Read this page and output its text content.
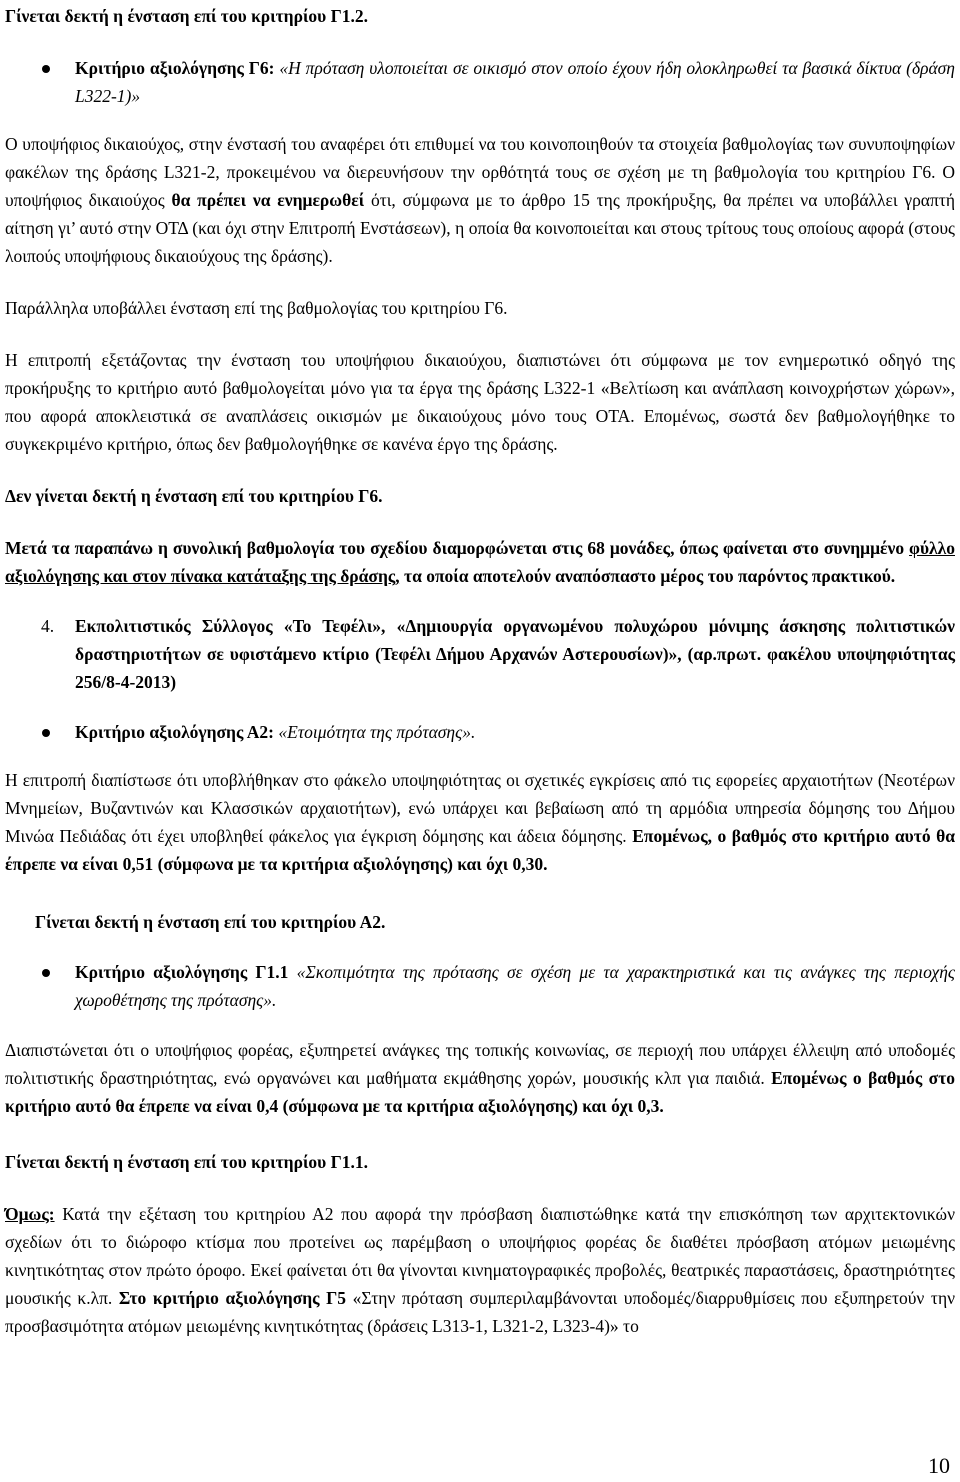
Γίνεται δεκτή η ένσταση επί του κριτηρίου Γ1.2.

Κριτήριο αξιολόγησης Γ6: «Η πρόταση υλοποιείται σε οικισμό στον οποίο έχουν ήδη ολοκληρωθεί τα βασικά δίκτυα (δράση L322-1)»

Ο υποψήφιος δικαιούχος, στην ένστασή του αναφέρει ότι επιθυμεί να του κοινοποιηθούν τα στοιχεία βαθμολογίας των συνυποψηφίων φακέλων της δράσης L321-2, προκειμένου να διερευνήσουν την ορθότητά τους σε σχέση με τη βαθμολογία του κριτηρίου Γ6. Ο υποψήφιος δικαιούχος θα πρέπει να ενημερωθεί ότι, σύμφωνα με το άρθρο 15 της προκήρυξης, θα πρέπει να υποβάλλει γραπτή αίτηση γι’ αυτό στην ΟΤΔ (και όχι στην Επιτροπή Ενστάσεων), η οποία θα κοινοποιείται και στους τρίτους τους οποίους αφορά (στους λοιπούς υποψήφιους δικαιούχους της δράσης).

Παράλληλα υποβάλλει ένσταση επί της βαθμολογίας του κριτηρίου Γ6.

Η επιτροπή εξετάζοντας την ένσταση του υποψήφιου δικαιούχου, διαπιστώνει ότι σύμφωνα με τον ενημερωτικό οδηγό της προκήρυξης το κριτήριο αυτό βαθμολογείται μόνο για τα έργα της δράσης L322-1 «Βελτίωση και ανάπλαση κοινοχρήστων χώρων», που αφορά αποκλειστικά σε αναπλάσεις οικισμών με δικαιούχους μόνο τους ΟΤΑ. Επομένως, σωστά δεν βαθμολογήθηκε το συγκεκριμένο κριτήριο, όπως δεν βαθμολογήθηκε σε κανένα έργο της δράσης.

Δεν γίνεται δεκτή η ένσταση επί του κριτηρίου Γ6.

Μετά τα παραπάνω η συνολική βαθμολογία του σχεδίου διαμορφώνεται στις 68 μονάδες, όπως φαίνεται στο συνημμένο φύλλο αξιολόγησης και στον πίνακα κατάταξης της δράσης, τα οποία αποτελούν αναπόσπαστο μέρος του παρόντος πρακτικού.

4. Εκπολιτιστικός Σύλλογος «Το Τεφέλι», «Δημιουργία οργανωμένου πολυχώρου μόνιμης άσκησης πολιτιστικών δραστηριοτήτων σε υφιστάμενο κτίριο (Τεφέλι Δήμου Αρχανών Αστερουσίων)», (αρ.πρωτ. φακέλου υποψηφιότητας 256/8-4-2013)
Κριτήριο αξιολόγησης Α2: «Ετοιμότητα της πρότασης».

Η επιτροπή διαπίστωσε ότι υποβλήθηκαν στο φάκελο υποψηφιότητας οι σχετικές εγκρίσεις από τις εφορείες αρχαιοτήτων (Νεοτέρων Μνημείων, Βυζαντινών και Κλασσικών αρχαιοτήτων), ενώ υπάρχει και βεβαίωση από τη αρμόδια υπηρεσία δόμησης του Δήμου Μινώα Πεδιάδας ότι έχει υποβληθεί φάκελος για έγκριση δόμησης και άδεια δόμησης. Επομένως, ο βαθμός στο κριτήριο αυτό θα έπρεπε να είναι 0,51 (σύμφωνα με τα κριτήρια αξιολόγησης) και όχι 0,30.

Γίνεται δεκτή η ένσταση επί του κριτηρίου Α2.

Κριτήριο αξιολόγησης Γ1.1 «Σκοπιμότητα της πρότασης σε σχέση με τα χαρακτηριστικά και τις ανάγκες της περιοχής χωροθέτησης της πρότασης».

Διαπιστώνεται ότι ο υποψήφιος φορέας, εξυπηρετεί ανάγκες της τοπικής κοινωνίας, σε περιοχή που υπάρχει έλλειψη από υποδομές πολιτιστικής δραστηριότητας, ενώ οργανώνει και μαθήματα εκμάθησης χορών, μουσικής κλπ για παιδιά. Επομένως ο βαθμός στο κριτήριο αυτό θα έπρεπε να είναι 0,4 (σύμφωνα με τα κριτήρια αξιολόγησης) και όχι 0,3.

Γίνεται δεκτή η ένσταση επί του κριτηρίου Γ1.1.

Όμως: Κατά την εξέταση του κριτηρίου Α2 που αφορά την πρόσβαση διαπιστώθηκε κατά την επισκόπηση των αρχιτεκτονικών σχεδίων ότι το διώροφο κτίσμα που προτείνει ως παρέμβαση ο υποψήφιος φορέας δε διαθέτει πρόσβαση ατόμων μειωμένης κινητικότητας στον πρώτο όροφο. Εκεί φαίνεται ότι θα γίνονται κινηματογραφικές προβολές, θεατρικές παραστάσεις, δραστηριότητες μουσικής κ.λπ. Στο κριτήριο αξιολόγησης Γ5 «Στην πρόταση συμπεριλαμβάνονται υποδομές/διαρρυθμίσεις που εξυπηρετούν την προσβασιμότητα ατόμων μειωμένης κινητικότητας (δράσεις L313-1, L321-2, L323-4)» το

10
